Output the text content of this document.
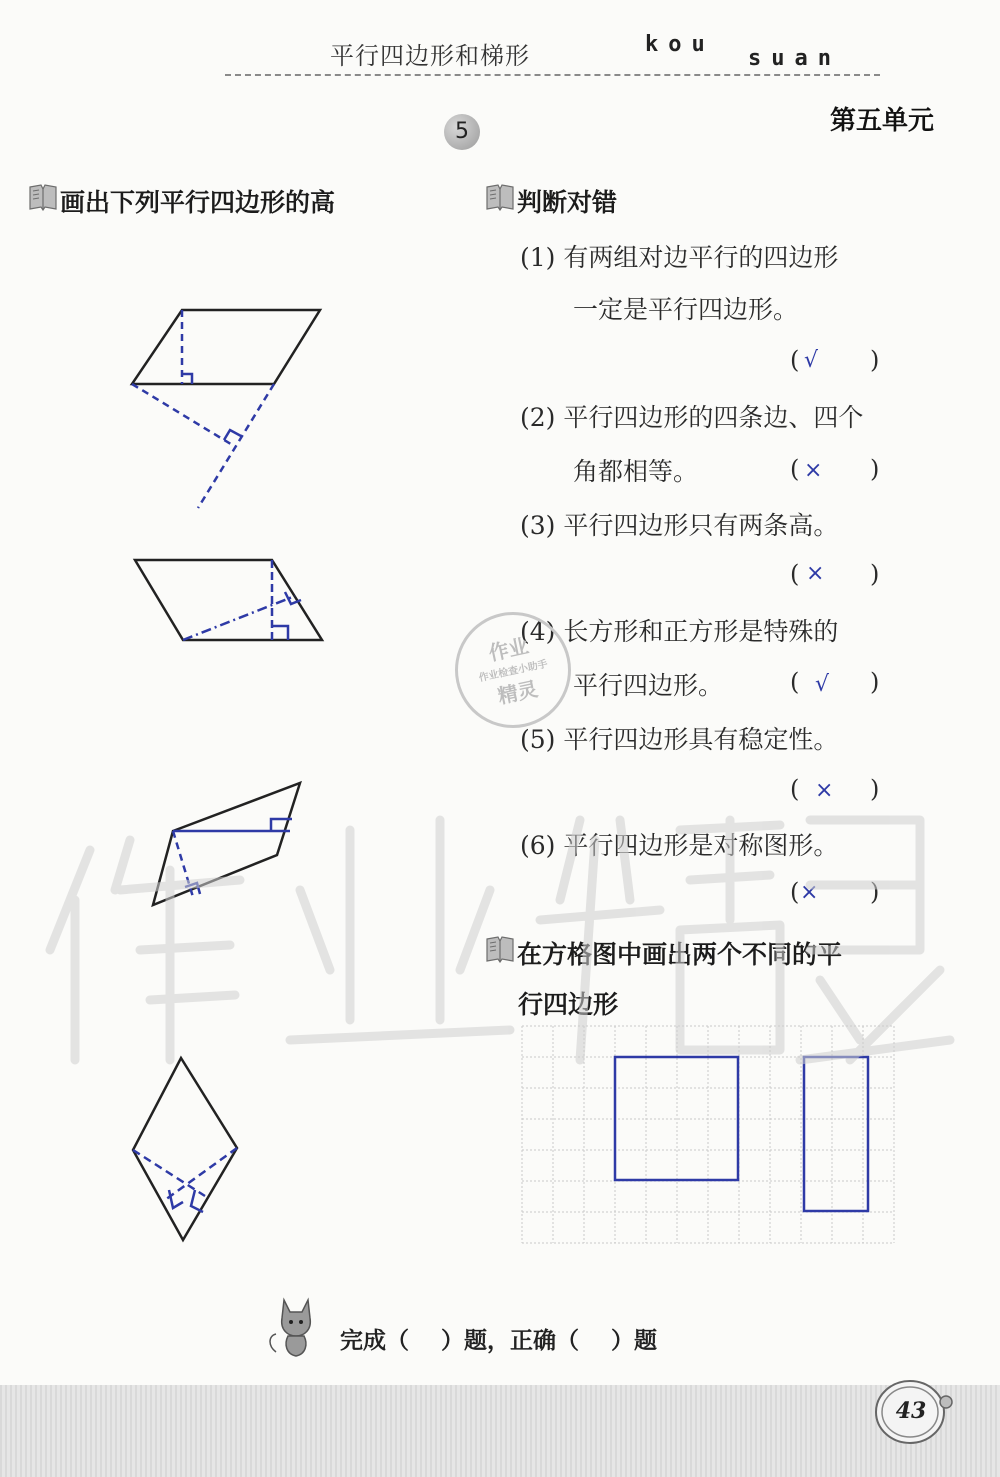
平行四边形和梯形	kou
suan
第五单元
5
画出下列平行四边形的高	判断对错
(1) 有两组对边平行的四边形
一定是平行四边形。
( √ )
(2) 平行四边形的四条边、四个
角都相等。	( × )
(3) 平行四边形只有两条高。
( × )
(4) 长方形和正方形是特殊的
平行四边形。	( √ )
(5) 平行四边形具有稳定性。
( × )
(6) 平行四边形是对称图形。
( × )
在方格图中画出两个不同的平
行四边形
作业
作业检查小助手
精灵
完成（    ）题，正确（    ）题
43
